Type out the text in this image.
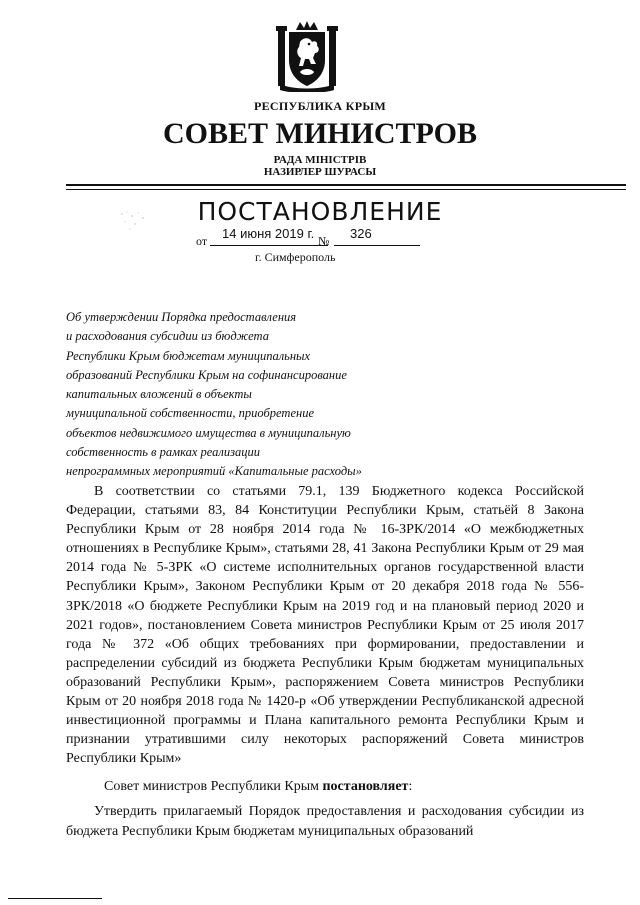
РЕСПУБЛИКА КРЫМ
СОВЕТ МИНИСТРОВ
РАДА МІНІСТРІВ
НАЗИРЛЕР ШУРАСЫ
ПОСТАНОВЛЕНИЕ
от 14 июня 2019 г. № 326
г. Симферополь

Об утверждении Порядка предоставления
и расходования субсидии из бюджета
Республики Крым бюджетам муниципальных
образований Республики Крым на софинансирование
капитальных вложений в объекты
муниципальной собственности, приобретение
объектов недвижимого имущества в муниципальную
собственность в рамках реализации
непрограммных мероприятий «Капитальные расходы»

В соответствии со статьями 79.1, 139 Бюджетного кодекса Российской Федерации, статьями 83, 84 Конституции Республики Крым, статьёй 8 Закона Республики Крым от 28 ноября 2014 года № 16-ЗРК/2014 «О межбюджетных отношениях в Республике Крым», статьями 28, 41 Закона Республики Крым от 29 мая 2014 года № 5-ЗРК «О системе исполнительных органов государственной власти Республики Крым», Законом Республики Крым от 20 декабря 2018 года № 556-ЗРК/2018 «О бюджете Республики Крым на 2019 год и на плановый период 2020 и 2021 годов», постановлением Совета министров Республики Крым от 25 июля 2017 года № 372 «Об общих требованиях при формировании, предоставлении и распределении субсидий из бюджета Республики Крым бюджетам муниципальных образований Республики Крым», распоряжением Совета министров Республики Крым от 20 ноября 2018 года № 1420-р «Об утверждении Республиканской адресной инвестиционной программы и Плана капитального ремонта Республики Крым и признании утратившими силу некоторых распоряжений Совета министров Республики Крым»

Совет министров Республики Крым постановляет:

Утвердить прилагаемый Порядок предоставления и расходования субсидии из бюджета Республики Крым бюджетам муниципальных образований
